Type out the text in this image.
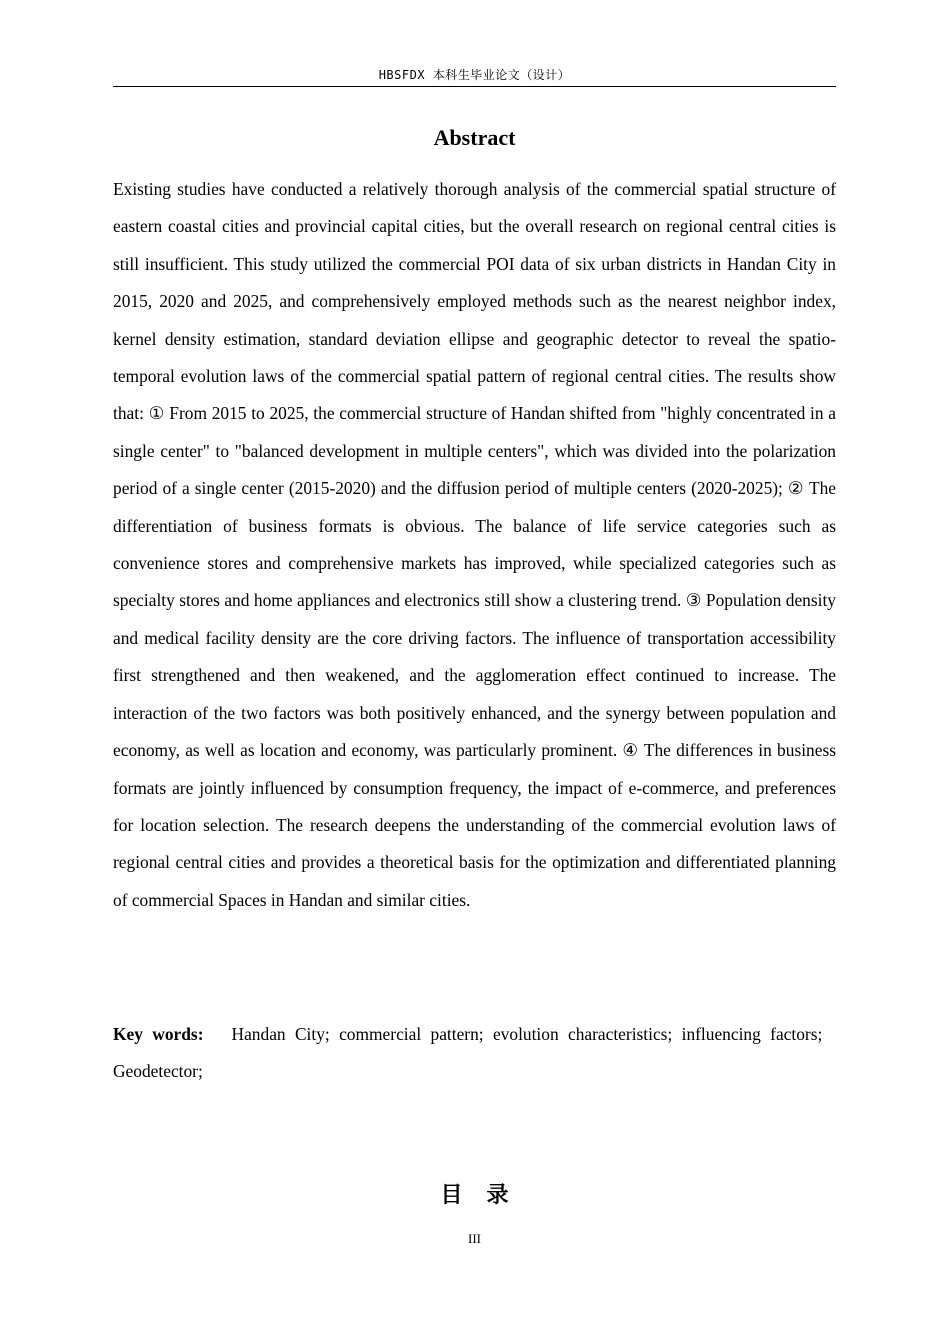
HBSFDX 本科生毕业论文（设计）
Abstract

Existing studies have conducted a relatively thorough analysis of the commercial spatial structure of eastern coastal cities and provincial capital cities, but the overall research on regional central cities is still insufficient. This study utilized the commercial POI data of six urban districts in Handan City in 2015, 2020 and 2025, and comprehensively employed methods such as the nearest neighbor index, kernel density estimation, standard deviation ellipse and geographic detector to reveal the spatio-temporal evolution laws of the commercial spatial pattern of regional central cities. The results show that: ① From 2015 to 2025, the commercial structure of Handan shifted from "highly concentrated in a single center" to "balanced development in multiple centers", which was divided into the polarization period of a single center (2015-2020) and the diffusion period of multiple centers (2020-2025); ② The differentiation of business formats is obvious. The balance of life service categories such as convenience stores and comprehensive markets has improved, while specialized categories such as specialty stores and home appliances and electronics still show a clustering trend. ③ Population density and medical facility density are the core driving factors. The influence of transportation accessibility first strengthened and then weakened, and the agglomeration effect continued to increase. The interaction of the two factors was both positively enhanced, and the synergy between population and economy, as well as location and economy, was particularly prominent. ④ The differences in business formats are jointly influenced by consumption frequency, the impact of e-commerce, and preferences for location selection. The research deepens the understanding of the commercial evolution laws of regional central cities and provides a theoretical basis for the optimization and differentiated planning of commercial Spaces in Handan and similar cities.

Key words: Handan City; commercial pattern; evolution characteristics; influencing factors;   Geodetector;

目录
III
